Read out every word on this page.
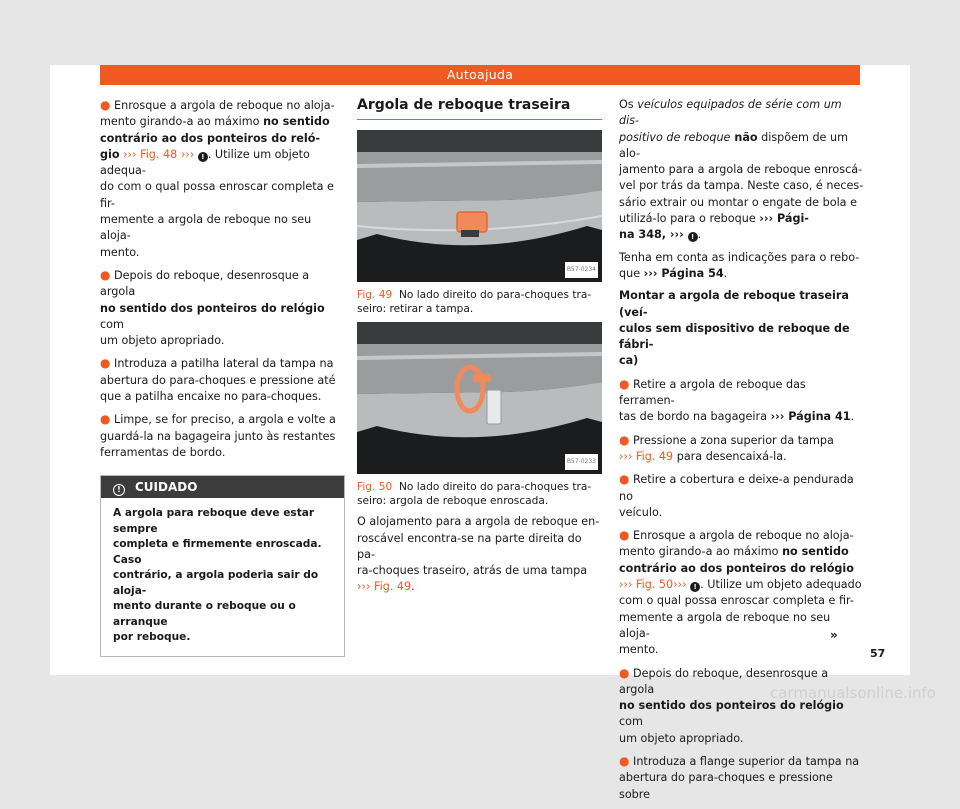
Autoajuda

● Enrosque a argola de reboque no aloja-
mento girando-a ao máximo no sentido
contrário ao dos ponteiros do reló-
gio ››› Fig. 48 ››› ! . Utilize um objeto adequa-
do com o qual possa enroscar completa e fir-
memente a argola de reboque no seu aloja-
mento.

● Depois do reboque, desenrosque a argola
no sentido dos ponteiros do relógio com
um objeto apropriado.

● Introduza a patilha lateral da tampa na
abertura do para-choques e pressione até
que a patilha encaixe no para-choques.

● Limpe, se for preciso, a argola e volte a
guardá-la na bagageira junto às restantes
ferramentas de bordo.

! CUIDADO
A argola para reboque deve estar sempre
completa e firmemente enroscada. Caso
contrário, a argola poderia sair do aloja-
mento durante o reboque ou o arranque
por reboque.
Argola de reboque traseira
B57-0234

Fig. 49 No lado direito do para-choques tra-
seiro: retirar a tampa.

B57-0233

Fig. 50 No lado direito do para-choques tra-
seiro: argola de reboque enroscada.

O alojamento para a argola de reboque en-
roscável encontra-se na parte direita do pa-
ra-choques traseiro, atrás de uma tampa
››› Fig. 49.

Os veículos equipados de série com um dis-
positivo de reboque não dispõem de um alo-
jamento para a argola de reboque enroscá-
vel por trás da tampa. Neste caso, é neces-
sário extrair ou montar o engate de bola e
utilizá-lo para o reboque ››› Pági-
na 348, ››› ! .

Tenha em conta as indicações para o rebo-
que ››› Página 54.

Montar a argola de reboque traseira (veí-
culos sem dispositivo de reboque de fábri-
ca)

● Retire a argola de reboque das ferramen-
tas de bordo na bagageira ››› Página 41.

● Pressione a zona superior da tampa
››› Fig. 49 para desencaixá-la.

● Retire a cobertura e deixe-a pendurada no
veículo.

● Enrosque a argola de reboque no aloja-
mento girando-a ao máximo no sentido
contrário ao dos ponteiros do relógio
››› Fig. 50››› ! . Utilize um objeto adequado
com o qual possa enroscar completa e fir-
memente a argola de reboque no seu aloja-
mento.

● Depois do reboque, desenrosque a argola
no sentido dos ponteiros do relógio com
um objeto apropriado.

● Introduza a flange superior da tampa na
abertura do para-choques e pressione sobre

»
57
carmanualsonline.info
